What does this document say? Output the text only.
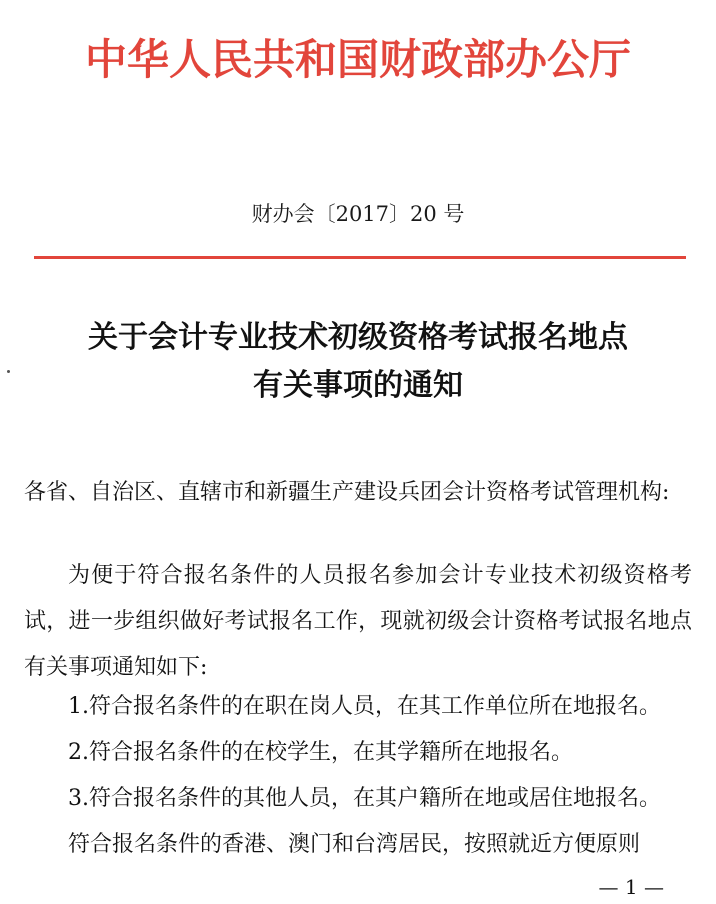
中华人民共和国财政部办公厅

财办会〔2017〕20 号

关于会计专业技术初级资格考试报名地点
有关事项的通知

各省、自治区、直辖市和新疆生产建设兵团会计资格考试管理机构:

为便于符合报名条件的人员报名参加会计专业技术初级资格考试，进一步组织做好考试报名工作，现就初级会计资格考试报名地点有关事项通知如下:

1.符合报名条件的在职在岗人员，在其工作单位所在地报名。

2.符合报名条件的在校学生，在其学籍所在地报名。

3.符合报名条件的其他人员，在其户籍所在地或居住地报名。

符合报名条件的香港、澳门和台湾居民，按照就近方便原则

— 1 —
